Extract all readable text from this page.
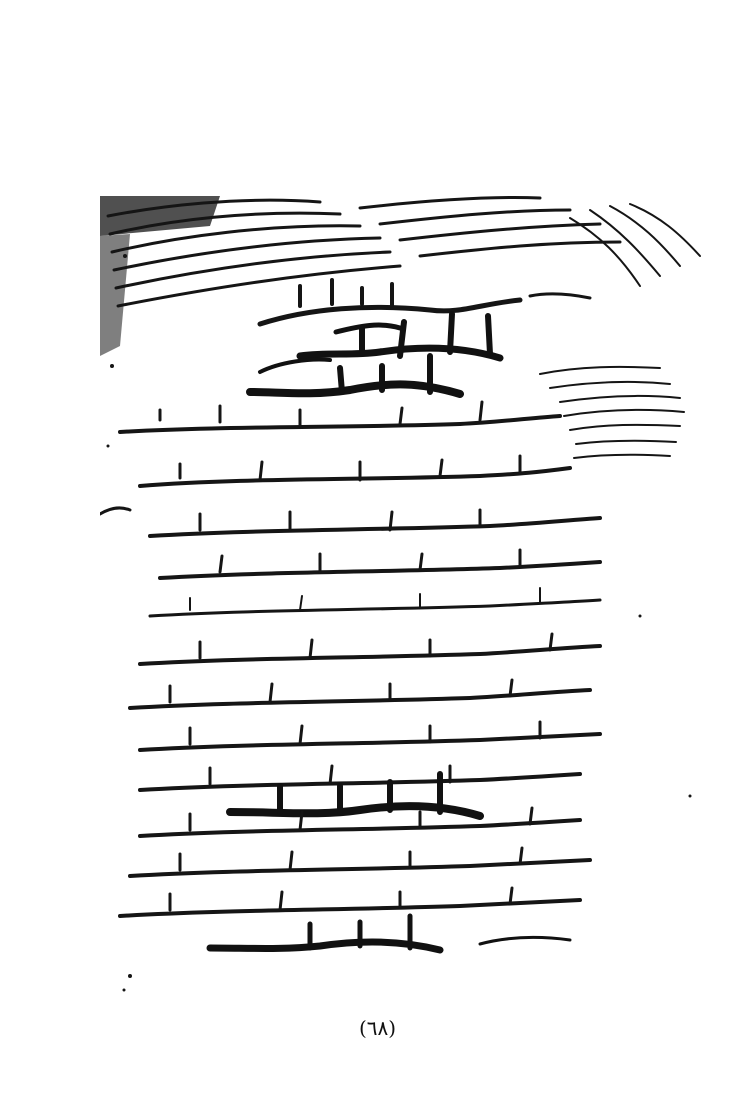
(٦٨)
